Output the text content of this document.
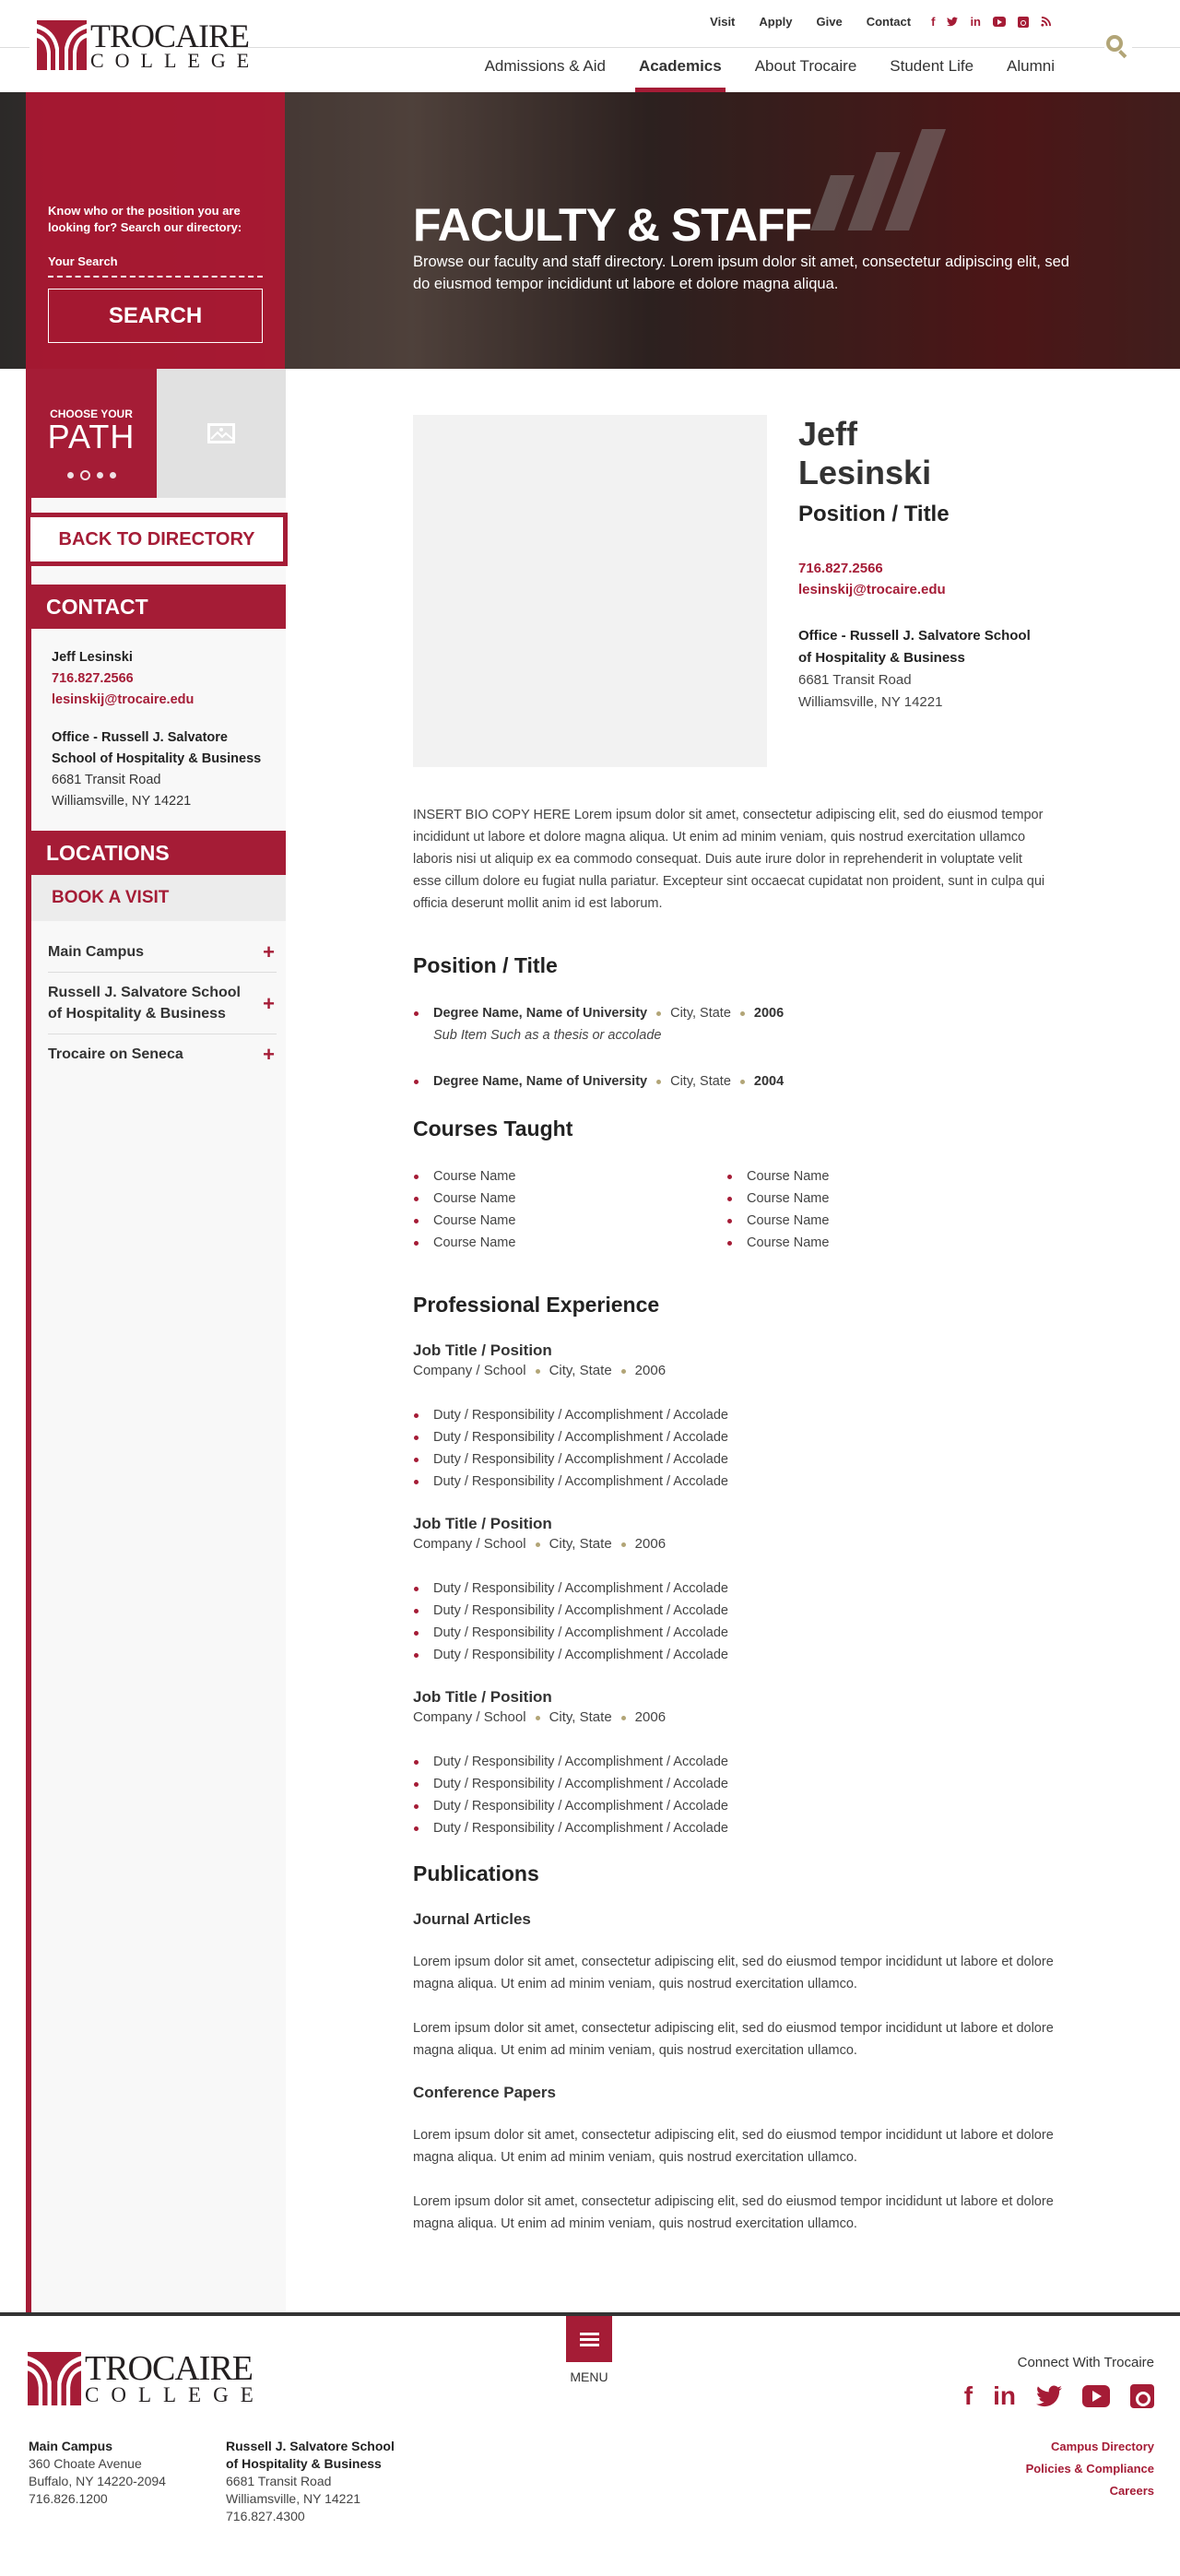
TROCAIRE
COLLEGE
Visit Apply Give Contact f	in
Admissions & Aid Academics About Trocaire Student Life Alumni
Know who or the position you are looking for? Search our directory:
Your Search
SEARCH
FACULTY & STAFF

Browse our faculty and staff directory. Lorem ipsum dolor sit amet, consectetur adipiscing elit, sed do eiusmod tempor incididunt ut labore et dolore magna aliqua.

CHOOSE YOUR
PATH
BACK TO DIRECTORY
CONTACT
Jeff Lesinski
716.827.2566
lesinskij@trocaire.edu
Office - Russell J. Salvatore
School of Hospitality & Business
6681 Transit Road
Williamsville, NY 14221
LOCATIONS
BOOK A VISIT
Main Campus	+
Russell J. Salvatore School of Hospitality & Business	+
Trocaire on Seneca	+
Jeff
Lesinski
Position / Title
716.827.2566
lesinskij@trocaire.edu
Office - Russell J. Salvatore School of Hospitality & Business
6681 Transit Road
Williamsville, NY 14221

INSERT BIO COPY HERE Lorem ipsum dolor sit amet, consectetur adipiscing elit, sed do eiusmod tempor incididunt ut labore et dolore magna aliqua. Ut enim ad minim veniam, quis nostrud exercitation ullamco laboris nisi ut aliquip ex ea commodo consequat. Duis aute irure dolor in reprehenderit in voluptate velit esse cillum dolore eu fugiat nulla pariatur. Excepteur sint occaecat cupidatat non proident, sunt in culpa qui officia deserunt mollit anim id est laborum.

Position / Title
Degree Name, Name of University City, State 2006
Sub Item Such as a thesis or accolade
Degree Name, Name of University City, State 2004
Courses Taught
Course Name
Course Name
Course Name
Course Name
Course Name
Course Name
Course Name
Course Name
Professional Experience
Job Title / Position
Company / School City, State 2006
Duty / Responsibility / Accomplishment / Accolade
Duty / Responsibility / Accomplishment / Accolade
Duty / Responsibility / Accomplishment / Accolade
Duty / Responsibility / Accomplishment / Accolade
Job Title / Position
Company / School City, State 2006
Duty / Responsibility / Accomplishment / Accolade
Duty / Responsibility / Accomplishment / Accolade
Duty / Responsibility / Accomplishment / Accolade
Duty / Responsibility / Accomplishment / Accolade
Job Title / Position
Company / School City, State 2006
Duty / Responsibility / Accomplishment / Accolade
Duty / Responsibility / Accomplishment / Accolade
Duty / Responsibility / Accomplishment / Accolade
Duty / Responsibility / Accomplishment / Accolade
Publications
Journal Articles

Lorem ipsum dolor sit amet, consectetur adipiscing elit, sed do eiusmod tempor incididunt ut labore et dolore magna aliqua. Ut enim ad minim veniam, quis nostrud exercitation ullamco.

Lorem ipsum dolor sit amet, consectetur adipiscing elit, sed do eiusmod tempor incididunt ut labore et dolore magna aliqua. Ut enim ad minim veniam, quis nostrud exercitation ullamco.

Conference Papers

Lorem ipsum dolor sit amet, consectetur adipiscing elit, sed do eiusmod tempor incididunt ut labore et dolore magna aliqua. Ut enim ad minim veniam, quis nostrud exercitation ullamco.

Lorem ipsum dolor sit amet, consectetur adipiscing elit, sed do eiusmod tempor incididunt ut labore et dolore magna aliqua. Ut enim ad minim veniam, quis nostrud exercitation ullamco.

MENU
TROCAIRE
COLLEGE
Main Campus
360 Choate Avenue
Buffalo, NY 14220-2094
716.826.1200
Russell J. Salvatore School
of Hospitality & Business
6681 Transit Road
Williamsville, NY 14221
716.827.4300
Connect With Trocaire
f in
Campus Directory
Policies & Compliance
Careers
